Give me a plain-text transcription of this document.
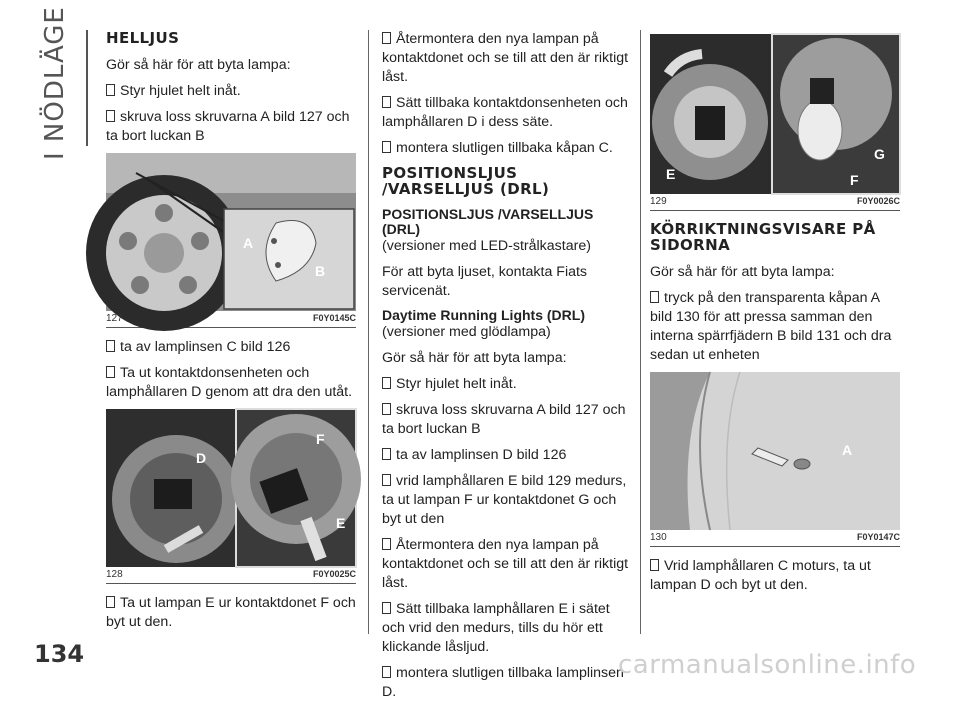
I NÖDLÄGE HELLJUS

Gör så här för att byta lampa:

Styr hjulet helt inåt.

skruva loss skruvarna A bild 127 och ta bort luckan B

A
B
127	F0Y0145C

ta av lamplinsen C bild 126

Ta ut kontaktdonsenheten och lamphållaren D genom att dra den utåt.

D
F
E
128	F0Y0025C

Ta ut lampan E ur kontaktdonet F och byt ut den.

Återmontera den nya lampan på kontaktdonet och se till att den är riktigt låst.

Sätt tillbaka kontaktdonsenheten och lamphållaren D i dess säte.

montera slutligen tillbaka kåpan C.

POSITIONSLJUS /VARSELLJUS (DRL)
POSITIONSLJUS /VARSELLJUS (DRL)

(versioner med LED-strålkastare)

För att byta ljuset, kontakta Fiats servicenät.

Daytime Running Lights (DRL)

(versioner med glödlampa)

Gör så här för att byta lampa:

Styr hjulet helt inåt.

skruva loss skruvarna A bild 127 och ta bort luckan B

ta av lamplinsen D bild 126

vrid lamphållaren E bild 129 medurs, ta ut lampan F ur kontaktdonet G och byt ut den

Återmontera den nya lampan på kontaktdonet och se till att den är riktigt låst.

Sätt tillbaka lamphållaren E i sätet och vrid den medurs, tills du hör ett klickande låsljud.

montera slutligen tillbaka lamplinsen D.

E
G
F
129	F0Y0026C
KÖRRIKTNINGSVISARE PÅ SIDORNA

Gör så här för att byta lampa:

tryck på den transparenta kåpan A bild 130 för att pressa samman den interna spärrfjädern B bild 131 och dra sedan ut enheten

A
130	F0Y0147C

Vrid lamphållaren C moturs, ta ut lampan D och byt ut den.

134	carmanualsonline.info
